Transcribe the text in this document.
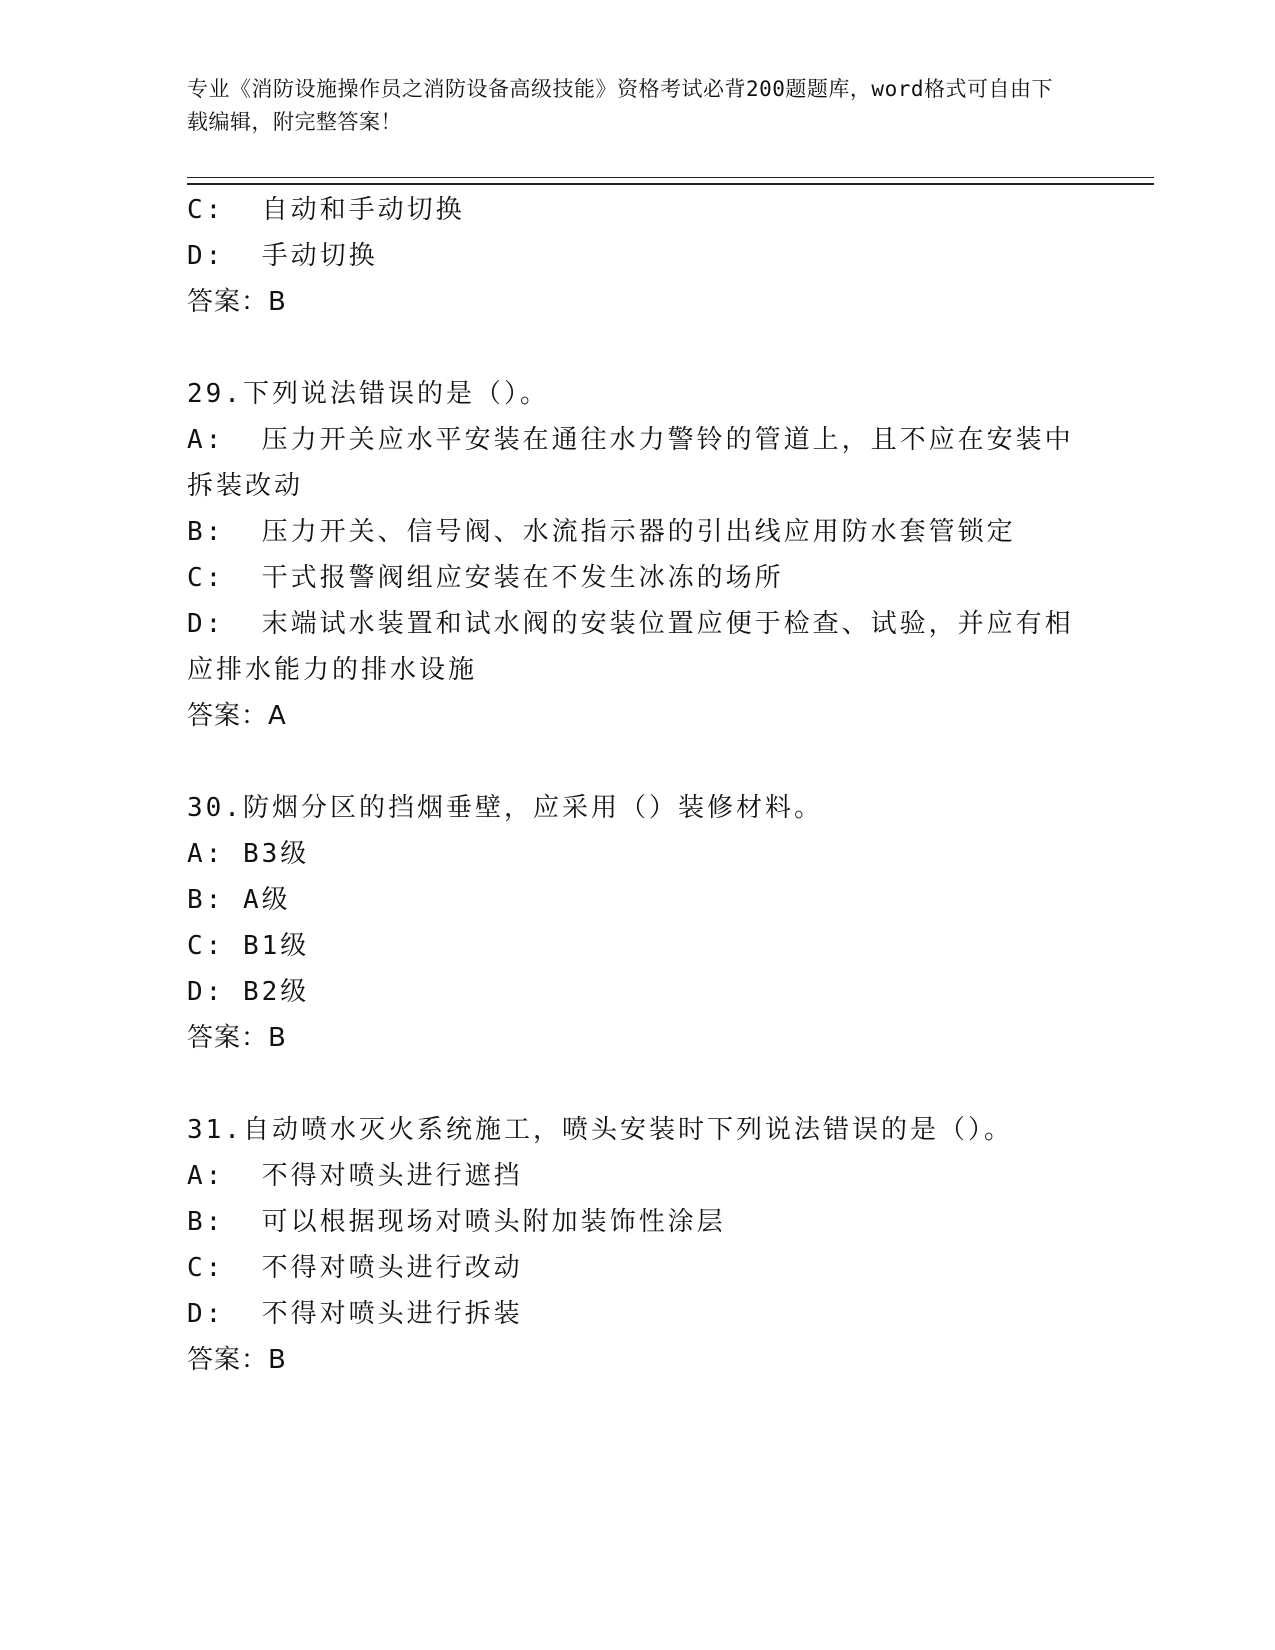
专业《消防设施操作员之消防设备高级技能》资格考试必背200题题库，word格式可自由下载编辑，附完整答案！
C:  自动和手动切换
D:  手动切换
答案：B
29.下列说法错误的是（）。
A:  压力开关应水平安装在通往水力警铃的管道上，且不应在安装中拆装改动
B:  压力开关、信号阀、水流指示器的引出线应用防水套管锁定
C:  干式报警阀组应安装在不发生冰冻的场所
D:  末端试水装置和试水阀的安装位置应便于检查、试验，并应有相应排水能力的排水设施
答案：A
30.防烟分区的挡烟垂壁，应采用（）装修材料。
A: B3级
B: A级
C: B1级
D: B2级
答案：B
31.自动喷水灭火系统施工，喷头安装时下列说法错误的是（）。
A:  不得对喷头进行遮挡
B:  可以根据现场对喷头附加装饰性涂层
C:  不得对喷头进行改动
D:  不得对喷头进行拆装
答案：B
